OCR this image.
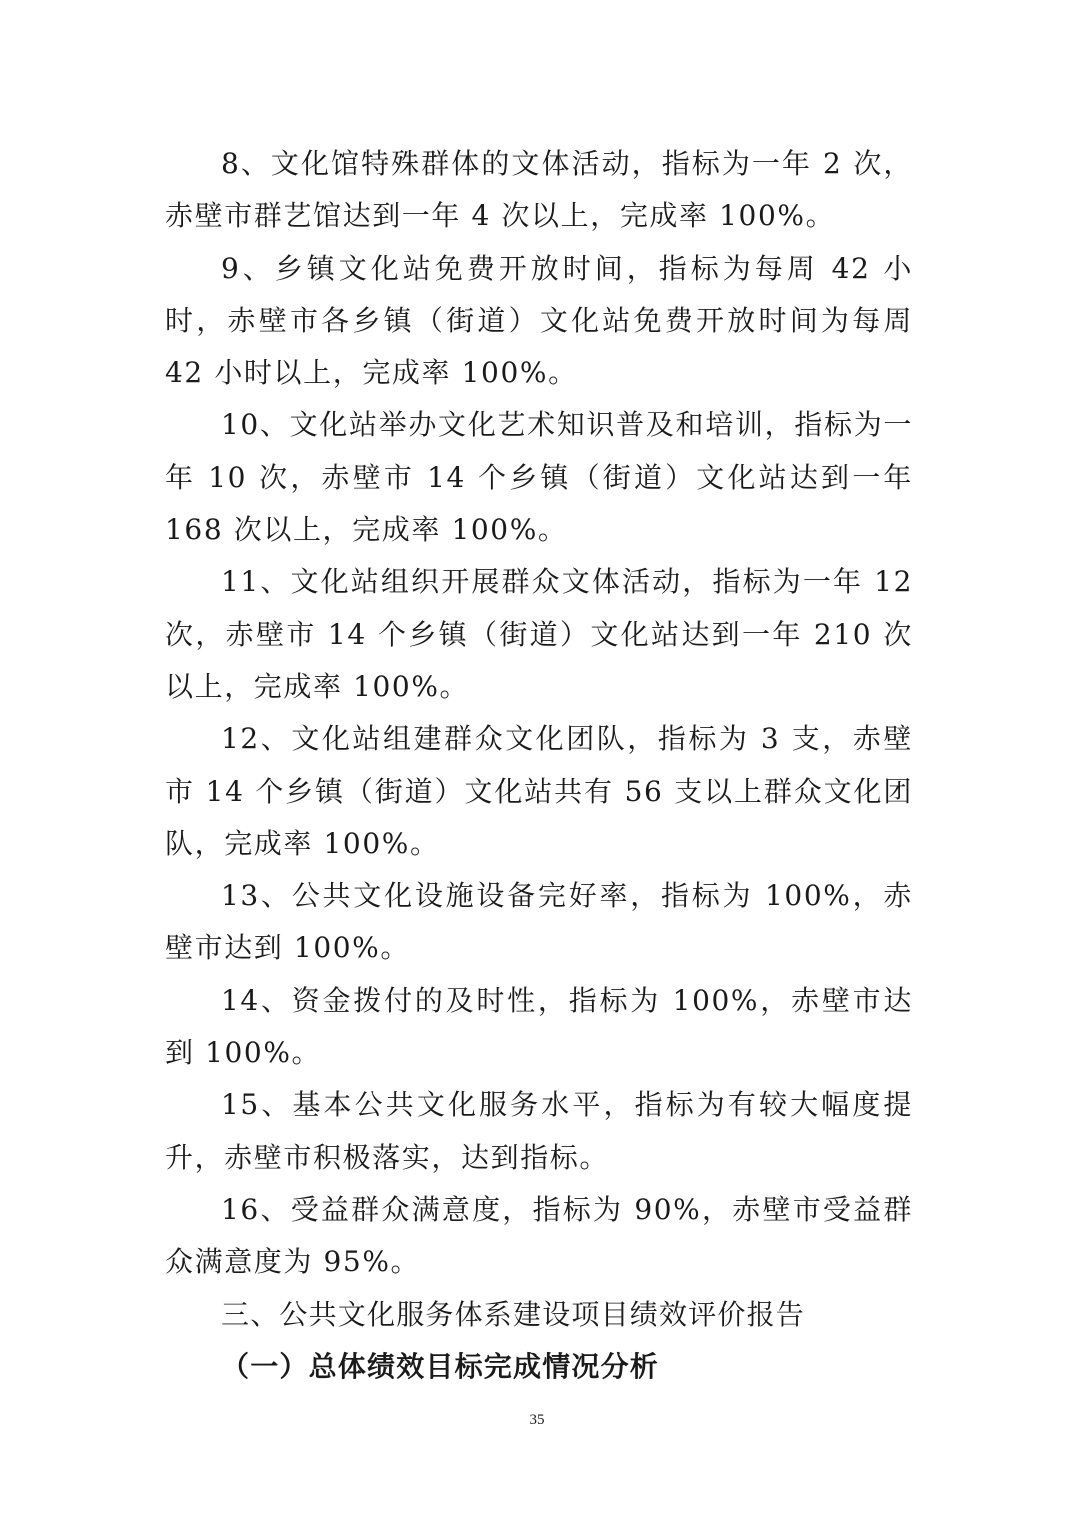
8、文化馆特殊群体的文体活动，指标为一年 2 次，赤壁市群艺馆达到一年 4 次以上，完成率 100%。

9、乡镇文化站免费开放时间，指标为每周 42 小时，赤壁市各乡镇（街道）文化站免费开放时间为每周 42 小时以上，完成率 100%。

10、文化站举办文化艺术知识普及和培训，指标为一年 10 次，赤壁市 14 个乡镇（街道）文化站达到一年 168 次以上，完成率 100%。

11、文化站组织开展群众文体活动，指标为一年 12 次，赤壁市 14 个乡镇（街道）文化站达到一年 210 次以上，完成率 100%。

12、文化站组建群众文化团队，指标为 3 支，赤壁市 14 个乡镇（街道）文化站共有 56 支以上群众文化团队，完成率 100%。

13、公共文化设施设备完好率，指标为 100%，赤壁市达到 100%。

14、资金拨付的及时性，指标为 100%，赤壁市达到 100%。

15、基本公共文化服务水平，指标为有较大幅度提升，赤壁市积极落实，达到指标。

16、受益群众满意度，指标为 90%，赤壁市受益群众满意度为 95%。

三、公共文化服务体系建设项目绩效评价报告

（一）总体绩效目标完成情况分析

35
